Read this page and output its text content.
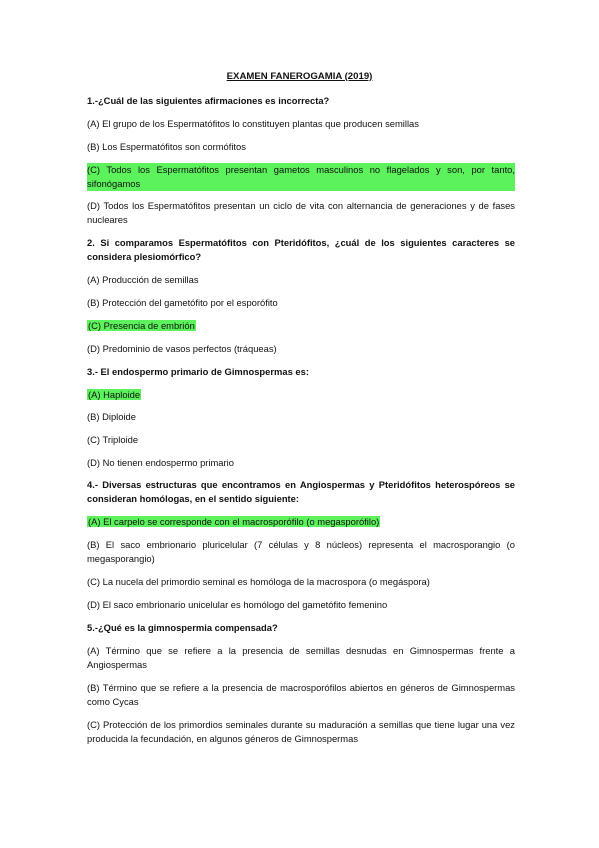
EXAMEN FANEROGAMIA (2019)
1.-¿Cuál de las siguientes afirmaciones es incorrecta?
(A) El grupo de los Espermatófitos lo constituyen plantas que producen semillas
(B) Los Espermatófitos son cormófitos
(C) Todos los Espermatófitos presentan gametos masculinos no flagelados y son, por tanto, sifonógamos
(D) Todos los Espermatófitos presentan un ciclo de vita con alternancia de generaciones y de fases nucleares
2. Si comparamos Espermatófitos con Pteridófitos, ¿cuál de los siguientes caracteres se considera plesiomórfico?
(A) Producción de semillas
(B) Protección del gametófito por el esporófito
(C) Presencia de embrión
(D) Predominio de vasos perfectos (tráqueas)
3.- El endospermo primario de Gimnospermas es:
(A) Haploide
(B) Diploide
(C) Triploide
(D) No tienen endospermo primario
4.- Diversas estructuras que encontramos en Angiospermas y Pteridófitos heterospóreos se consideran homólogas, en el sentido siguiente:
(A) El carpelo se corresponde con el macrosporófilo (o megasporófilo)
(B) El saco embrionario pluricelular (7 células y 8 núcleos) representa el macrosporangio (o megasporangio)
(C) La nucela del primordio seminal es homóloga de la macrospora (o megáspora)
(D) El saco embrionario unicelular es homólogo del gametófito femenino
5.-¿Qué es la gimnospermia compensada?
(A) Término que se refiere a la presencia de semillas desnudas en Gimnospermas frente a Angiospermas
(B) Término que se refiere a la presencia de macrosporófilos abiertos en géneros de Gimnospermas como Cycas
(C) Protección de los primordios seminales durante su maduración a semillas que tiene lugar una vez producida la fecundación, en algunos géneros de Gimnospermas
